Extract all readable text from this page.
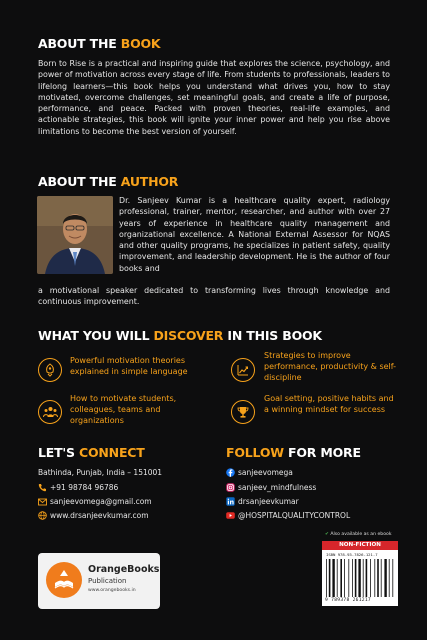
ABOUT THE BOOK

Born to Rise is a practical and inspiring guide that explores the science, psychology, and power of motivation across every stage of life. From students to professionals, leaders to lifelong learners—this book helps you understand what drives you, how to stay motivated, overcome challenges, set meaningful goals, and create a life of purpose, performance, and peace. Packed with proven theories, real-life examples, and actionable strategies, this book will ignite your inner power and help you rise above limitations to become the best version of yourself.

ABOUT THE AUTHOR

Dr. Sanjeev Kumar is a healthcare quality expert, radiology professional, trainer, mentor, researcher, and author with over 27 years of experience in healthcare quality management and organizational excellence. A National External Assessor for NQAS and other quality programs, he specializes in patient safety, quality improvement, and leadership development. He is the author of four books and

a motivational speaker dedicated to transforming lives through knowledge and continuous improvement.

WHAT YOU WILL DISCOVER IN THIS BOOK
Powerful motivation theories explained in simple language
Strategies to improve performance, productivity & self-discipline
How to motivate students, colleagues, teams and organizations
Goal setting, positive habits and a winning mindset for success
LET'S CONNECT
Bathinda, Punjab, India – 151001
+91 98784 96786
sanjeevomega@gmail.com
www.drsanjeevkumar.com
FOLLOW FOR MORE
sanjeevomega
sanjeev_mindfulness
drsanjeevkumar
@HOSPITALQUALITYCONTROL
OrangeBooks
Publication
www.orangebooks.in
✔ Also available as an ebook
NON-FICTION
ISBN 978-93-7826-121-7
9 789378 261217
